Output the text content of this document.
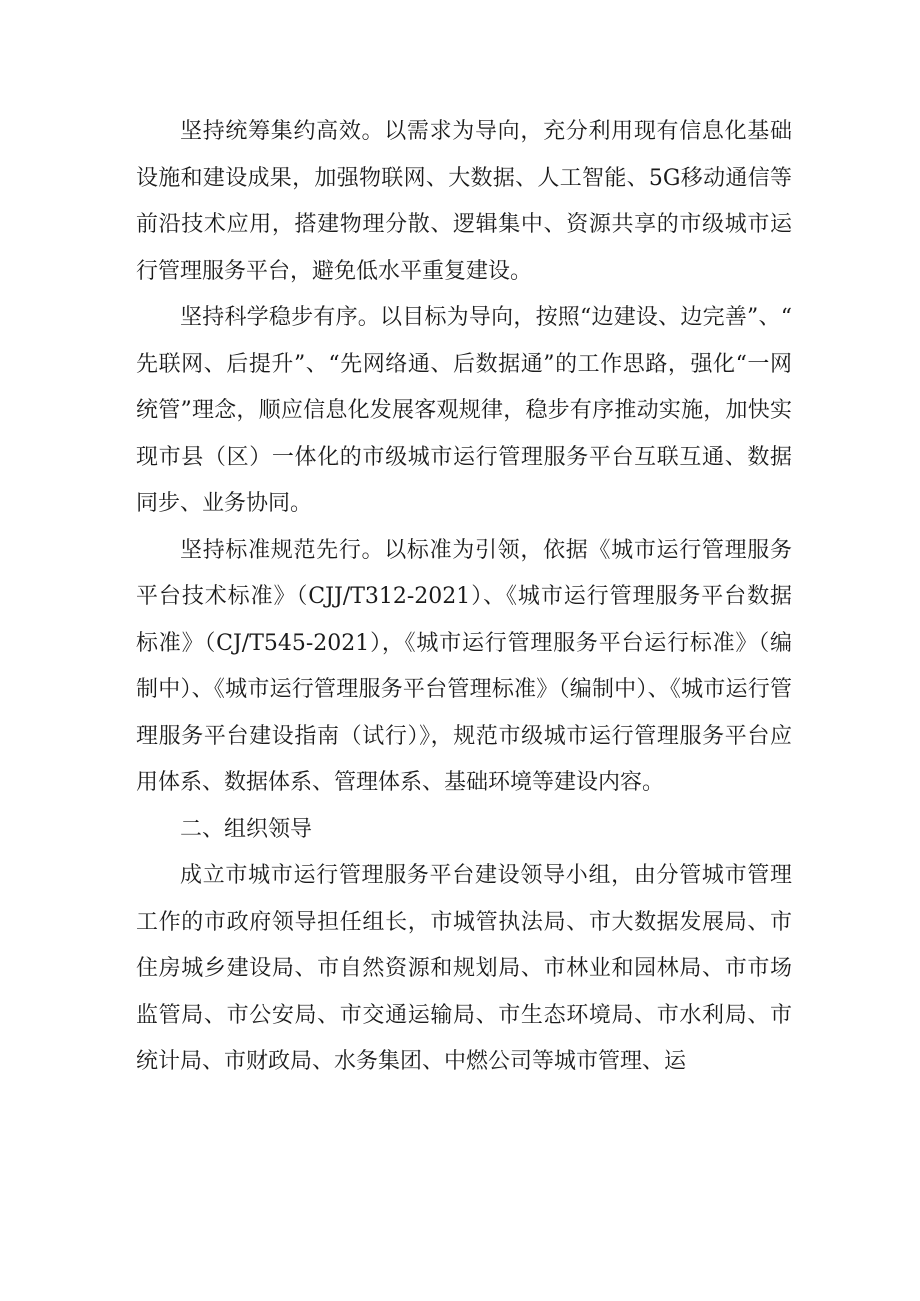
坚持统筹集约高效。以需求为导向，充分利用现有信息化基础设施和建设成果，加强物联网、大数据、人工智能、5G移动通信等前沿技术应用，搭建物理分散、逻辑集中、资源共享的市级城市运行管理服务平台，避免低水平重复建设。

坚持科学稳步有序。以目标为导向，按照“边建设、边完善”、“先联网、后提升”、“先网络通、后数据通”的工作思路，强化“一网统管”理念，顺应信息化发展客观规律，稳步有序推动实施，加快实现市县（区）一体化的市级城市运行管理服务平台互联互通、数据同步、业务协同。

坚持标准规范先行。以标准为引领，依据《城市运行管理服务平台技术标准》（CJJ/T312-2021）、《城市运行管理服务平台数据标准》（CJ/T545-2021），《城市运行管理服务平台运行标准》（编制中）、《城市运行管理服务平台管理标准》（编制中）、《城市运行管理服务平台建设指南（试行）》，规范市级城市运行管理服务平台应用体系、数据体系、管理体系、基础环境等建设内容。

二、组织领导

成立市城市运行管理服务平台建设领导小组，由分管城市管理工作的市政府领导担任组长，市城管执法局、市大数据发展局、市住房城乡建设局、市自然资源和规划局、市林业和园林局、市市场监管局、市公安局、市交通运输局、市生态环境局、市水利局、市统计局、市财政局、水务集团、中燃公司等城市管理、运
